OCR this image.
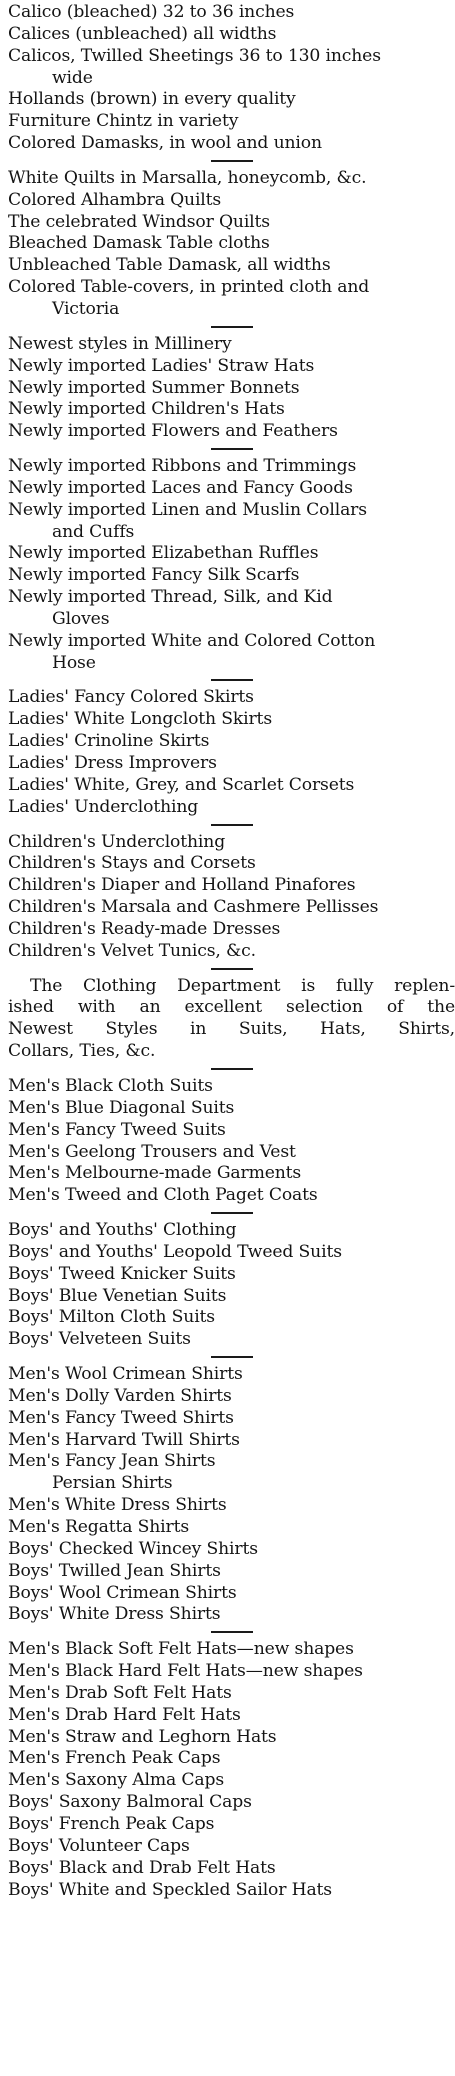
Calico (bleached) 32 to 36 inches
Calices (unbleached) all widths
Calicos, Twilled Sheetings 36 to 130 inches
wide
Hollands (brown) in every quality
Furniture Chintz in variety
Colored Damasks, in wool and union
White Quilts in Marsalla, honeycomb, &c.
Colored Alhambra Quilts
The celebrated Windsor Quilts
Bleached Damask Table cloths
Unbleached Table Damask, all widths
Colored Table-covers, in printed cloth and
Victoria
Newest styles in Millinery
Newly imported Ladies' Straw Hats
Newly imported Summer Bonnets
Newly imported Children's Hats
Newly imported Flowers and Feathers
Newly imported Ribbons and Trimmings
Newly imported Laces and Fancy Goods
Newly imported Linen and Muslin Collars
and Cuffs
Newly imported Elizabethan Ruffles
Newly imported Fancy Silk Scarfs
Newly imported Thread, Silk, and Kid
Gloves
Newly imported White and Colored Cotton
Hose
Ladies' Fancy Colored Skirts
Ladies' White Longcloth Skirts
Ladies' Crinoline Skirts
Ladies' Dress Improvers
Ladies' White, Grey, and Scarlet Corsets
Ladies' Underclothing
Children's Underclothing
Children's Stays and Corsets
Children's Diaper and Holland Pinafores
Children's Marsala and Cashmere Pellisses
Children's Ready-made Dresses
Children's Velvet Tunics, &c.
The Clothing Department is fully replen-
ished with an excellent selection of the
Newest Styles in Suits, Hats, Shirts,
Collars, Ties, &c.
Men's Black Cloth Suits
Men's Blue Diagonal Suits
Men's Fancy Tweed Suits
Men's Geelong Trousers and Vest
Men's Melbourne-made Garments
Men's Tweed and Cloth Paget Coats
Boys' and Youths' Clothing
Boys' and Youths' Leopold Tweed Suits
Boys' Tweed Knicker Suits
Boys' Blue Venetian Suits
Boys' Milton Cloth Suits
Boys' Velveteen Suits
Men's Wool Crimean Shirts
Men's Dolly Varden Shirts
Men's Fancy Tweed Shirts
Men's Harvard Twill Shirts
Men's Fancy Jean Shirts
Persian Shirts
Men's White Dress Shirts
Men's Regatta Shirts
Boys' Checked Wincey Shirts
Boys' Twilled Jean Shirts
Boys' Wool Crimean Shirts
Boys' White Dress Shirts
Men's Black Soft Felt Hats—new shapes
Men's Black Hard Felt Hats—new shapes
Men's Drab Soft Felt Hats
Men's Drab Hard Felt Hats
Men's Straw and Leghorn Hats
Men's French Peak Caps
Men's Saxony Alma Caps
Boys' Saxony Balmoral Caps
Boys' French Peak Caps
Boys' Volunteer Caps
Boys' Black and Drab Felt Hats
Boys' White and Speckled Sailor Hats
